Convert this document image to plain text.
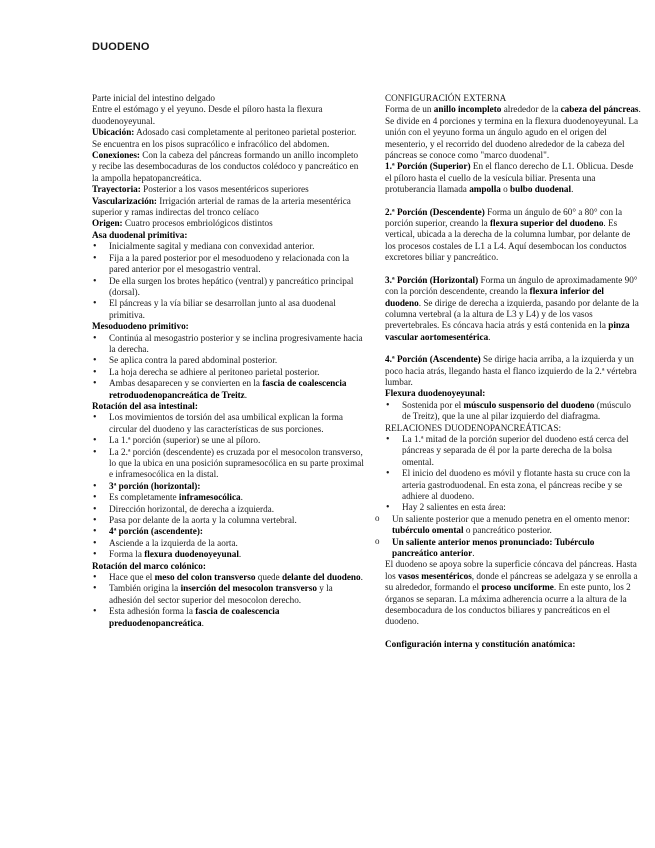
DUODENO

Parte inicial del intestino delgado

Entre el estómago y el yeyuno. Desde el píloro hasta la flexura duodenoyeyunal.

Ubicación: Adosado casi completamente al peritoneo parietal posterior. Se encuentra en los pisos supracólico e infracólico del abdomen.

Conexiones: Con la cabeza del páncreas formando un anillo incompleto y recibe las desembocaduras de los conductos colédoco y pancreático en la ampolla hepatopancreática.

Trayectoria: Posterior a los vasos mesentéricos superiores

Vascularización: Irrigación arterial de ramas de la arteria mesentérica superior y ramas indirectas del tronco celíaco

Origen: Cuatro procesos embriológicos distintos

Asa duodenal primitiva:

• Inicialmente sagital y mediana con convexidad anterior.
• Fija a la pared posterior por el mesoduodeno y relacionada con la pared anterior por el mesogastrio ventral.
• De ella surgen los brotes hepático (ventral) y pancreático principal (dorsal).
• El páncreas y la vía biliar se desarrollan junto al asa duodenal primitiva.

Mesoduodeno primitivo:

• Continúa al mesogastrio posterior y se inclina progresivamente hacia la derecha.
• Se aplica contra la pared abdominal posterior.
• La hoja derecha se adhiere al peritoneo parietal posterior.
• Ambas desaparecen y se convierten en la fascia de coalescencia retroduodenopancreática de Treitz.

Rotación del asa intestinal:

• Los movimientos de torsión del asa umbilical explican la forma circular del duodeno y las características de sus porciones.
• La 1.ª porción (superior) se une al píloro.
• La 2.ª porción (descendente) es cruzada por el mesocolon transverso, lo que la ubica en una posición supramesocólica en su parte proximal e inframesocólica en la distal.
• 3ª porción (horizontal):
• Es completamente inframesocólica.
• Dirección horizontal, de derecha a izquierda.
• Pasa por delante de la aorta y la columna vertebral.
• 4ª porción (ascendente):
• Asciende a la izquierda de la aorta.
• Forma la flexura duodenoyeyunal.

Rotación del marco colónico:

• Hace que el meso del colon transverso quede delante del duodeno.
• También origina la inserción del mesocolon transverso y la adhesión del sector superior del mesocolon derecho.
• Esta adhesión forma la fascia de coalescencia preduodenopancreática.

CONFIGURACIÓN EXTERNA

Forma de un anillo incompleto alrededor de la cabeza del páncreas. Se divide en 4 porciones y termina en la flexura duodenoyeyunal. La unión con el yeyuno forma un ángulo agudo en el origen del mesenterio, y el recorrido del duodeno alrededor de la cabeza del páncreas se conoce como "marco duodenal".

1.ª Porción (Superior) En el flanco derecho de L1. Oblicua. Desde el píloro hasta el cuello de la vesícula biliar. Presenta una protuberancia llamada ampolla o bulbo duodenal.

2.ª Porción (Descendente) Forma un ángulo de 60° a 80° con la porción superior, creando la flexura superior del duodeno. Es vertical, ubicada a la derecha de la columna lumbar, por delante de los procesos costales de L1 a L4. Aquí desembocan los conductos excretores biliar y pancreático.

3.ª Porción (Horizontal) Forma un ángulo de aproximadamente 90° con la porción descendente, creando la flexura inferior del duodeno. Se dirige de derecha a izquierda, pasando por delante de la columna vertebral (a la altura de L3 y L4) y de los vasos prevertebrales. Es cóncava hacia atrás y está contenida en la pinza vascular aortomesentérica.

4.ª Porción (Ascendente) Se dirige hacia arriba, a la izquierda y un poco hacia atrás, llegando hasta el flanco izquierdo de la 2.ª vértebra lumbar.

Flexura duodenoyeyunal:

• Sostenida por el músculo suspensorio del duodeno (músculo de Treitz), que la une al pilar izquierdo del diafragma.

RELACIONES DUODENOPANCREÁTICAS:

• La 1.ª mitad de la porción superior del duodeno está cerca del páncreas y separada de él por la parte derecha de la bolsa omental.
• El inicio del duodeno es móvil y flotante hasta su cruce con la arteria gastroduodenal. En esta zona, el páncreas recibe y se adhiere al duodeno.
• Hay 2 salientes en esta área:
o Un saliente posterior que a menudo penetra en el omento menor: tubérculo omental o pancreático posterior.
o Un saliente anterior menos pronunciado: Tubérculo pancreático anterior.

El duodeno se apoya sobre la superficie cóncava del páncreas. Hasta los vasos mesentéricos, donde el páncreas se adelgaza y se enrolla a su alrededor, formando el proceso unciforme. En este punto, los 2 órganos se separan. La máxima adherencia ocurre a la altura de la desembocadura de los conductos biliares y pancreáticos en el duodeno.

Configuración interna y constitución anatómica:
